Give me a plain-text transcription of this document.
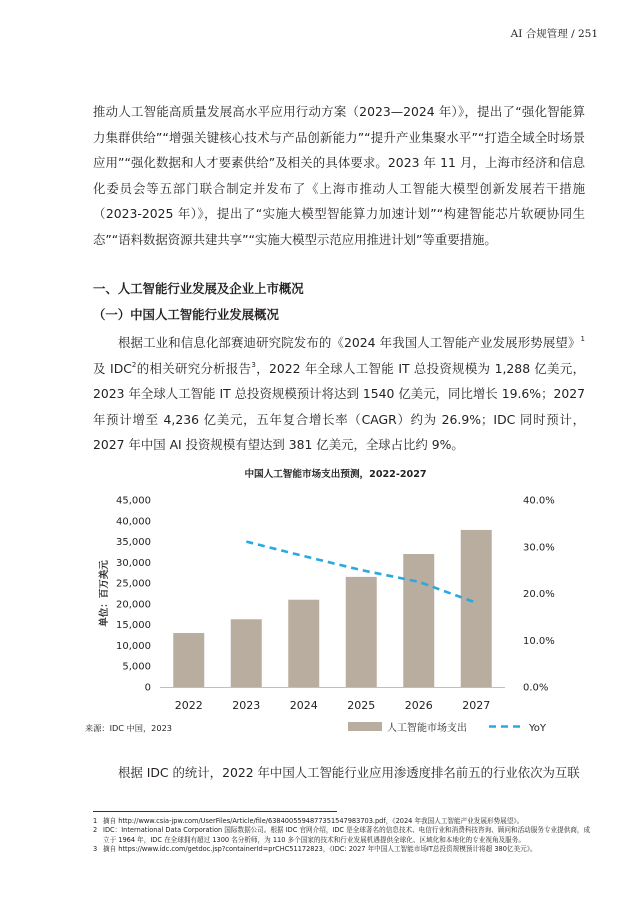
AI 合规管理 / 251

推动人工智能高质量发展高水平应用行动方案（2023—2024 年）》，提出了“强化智能算力集群供给”“增强关键核心技术与产品创新能力”“提升产业集聚水平”“打造全域全时场景应用”“强化数据和人才要素供给”及相关的具体要求。2023 年 11 月，上海市经济和信息化委员会等五部门联合制定并发布了《上海市推动人工智能大模型创新发展若干措施（2023-2025 年）》，提出了“实施大模型智能算力加速计划”“构建智能芯片软硬协同生态”“语料数据资源共建共享”“实施大模型示范应用推进计划”等重要措施。

一、人工智能行业发展及企业上市概况
（一）中国人工智能行业发展概况

根据工业和信息化部赛迪研究院发布的《2024 年我国人工智能产业发展形势展望》$^1$及 IDC$^2$的相关研究分析报告$^3$，2022 年全球人工智能 IT 总投资规模为 1,288 亿美元，2023 年全球人工智能 IT 总投资规模预计将达到 1540 亿美元，同比增长 19.6%；2027 年预计增至 4,236 亿美元，五年复合增长率（CAGR）约为 26.9%；IDC 同时预计，2027 年中国 AI 投资规模有望达到 381 亿美元，全球占比约 9%。

中国人工智能市场支出预测，2022-2027
0
5,000
10,000
15,000
20,000
25,000
30,000
35,000
40,000
45,000
0.0%
10.0%
20.0%
30.0%
40.0%
单位：百万美元
2022	2023	2024	2025	2026	2027
来源：IDC 中国，2023	人工智能市场支出	YoY

根据 IDC 的统计，2022 年中国人工智能行业应用渗透度排名前五的行业依次为互联

1 摘自 http://www.csia-jpw.com/UserFiles/Article/file/6384005594877351547983703.pdf，《2024 年我国人工智能产业发展形势展望》。
2 IDC：International Data Corporation 国际数据公司。根据 IDC 官网介绍，IDC 是全球著名的信息技术、电信行业和消费科技咨询、顾问和活动服务专业提供商，成立于 1964 年，IDC 在全球拥有超过 1300 名分析师，为 110 多个国家的技术和行业发展机遇提供全球化、区域化和本地化的专业视角及服务。
3 摘自 https://www.idc.com/getdoc.jsp?containerId=prCHC51172823，《IDC: 2027 年中国人工智能市场IT总投资规模预计将超 380亿美元》。
